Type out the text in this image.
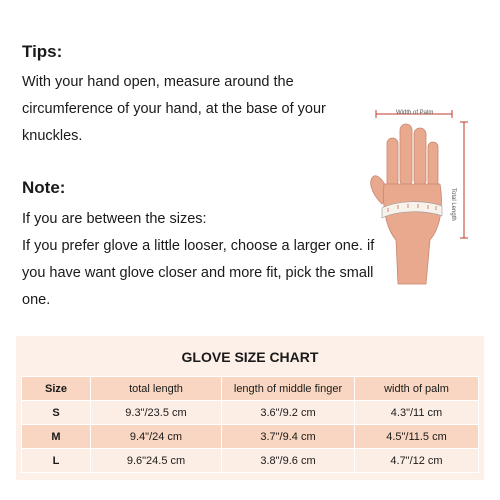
Tips:
With your hand open, measure around the
circumference of your hand, at the base of your
knuckles.
Note:
If you are between the sizes:
If you prefer glove a little looser, choose a larger one. if
you have want glove closer and more fit, pick the small
one.
Width of Palm
Total Length
GLOVE SIZE CHART
Size	total length	length of middle finger	width of palm
S	9.3"/23.5 cm	3.6"/9.2 cm	4.3"/11 cm
M	9.4"/24 cm	3.7"/9.4 cm	4.5"/11.5 cm
L	9.6"24.5 cm	3.8"/9.6 cm	4.7"/12 cm
